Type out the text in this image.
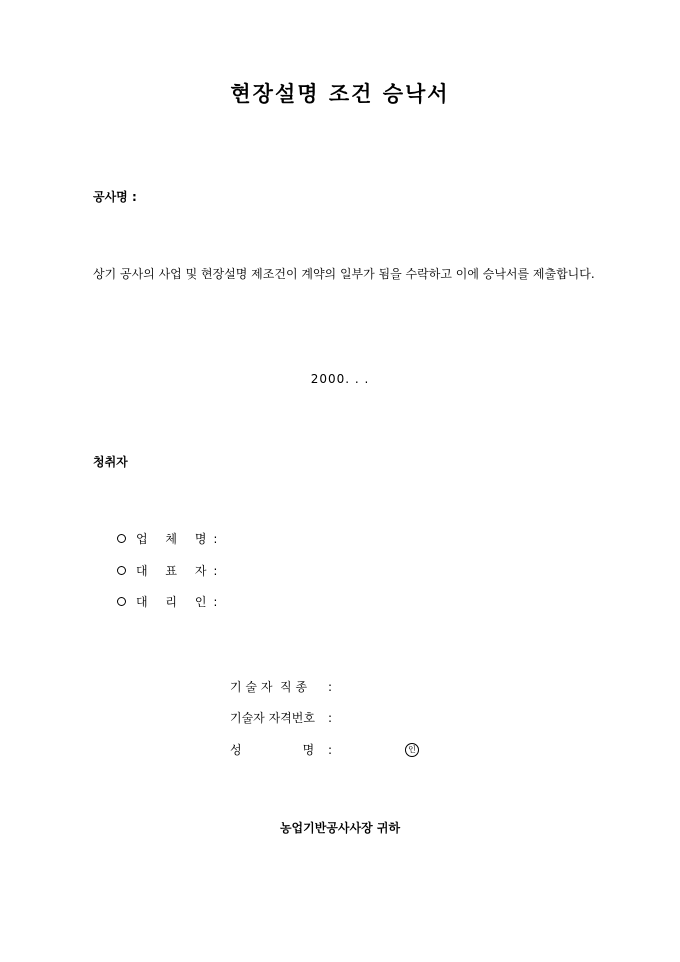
현장설명 조건 승낙서
공사명 :
상기 공사의 사업 및 현장설명 제조건이 계약의 일부가 됨을 수락하고 이에 승낙서를 제출합니다.
2000. . .
청취자
업 체 명 :
대 표 자 :
대 리 인 :
기 술 자  직 종	:
기술자 자격번호	:
성                명	:	인
농업기반공사사장 귀하
